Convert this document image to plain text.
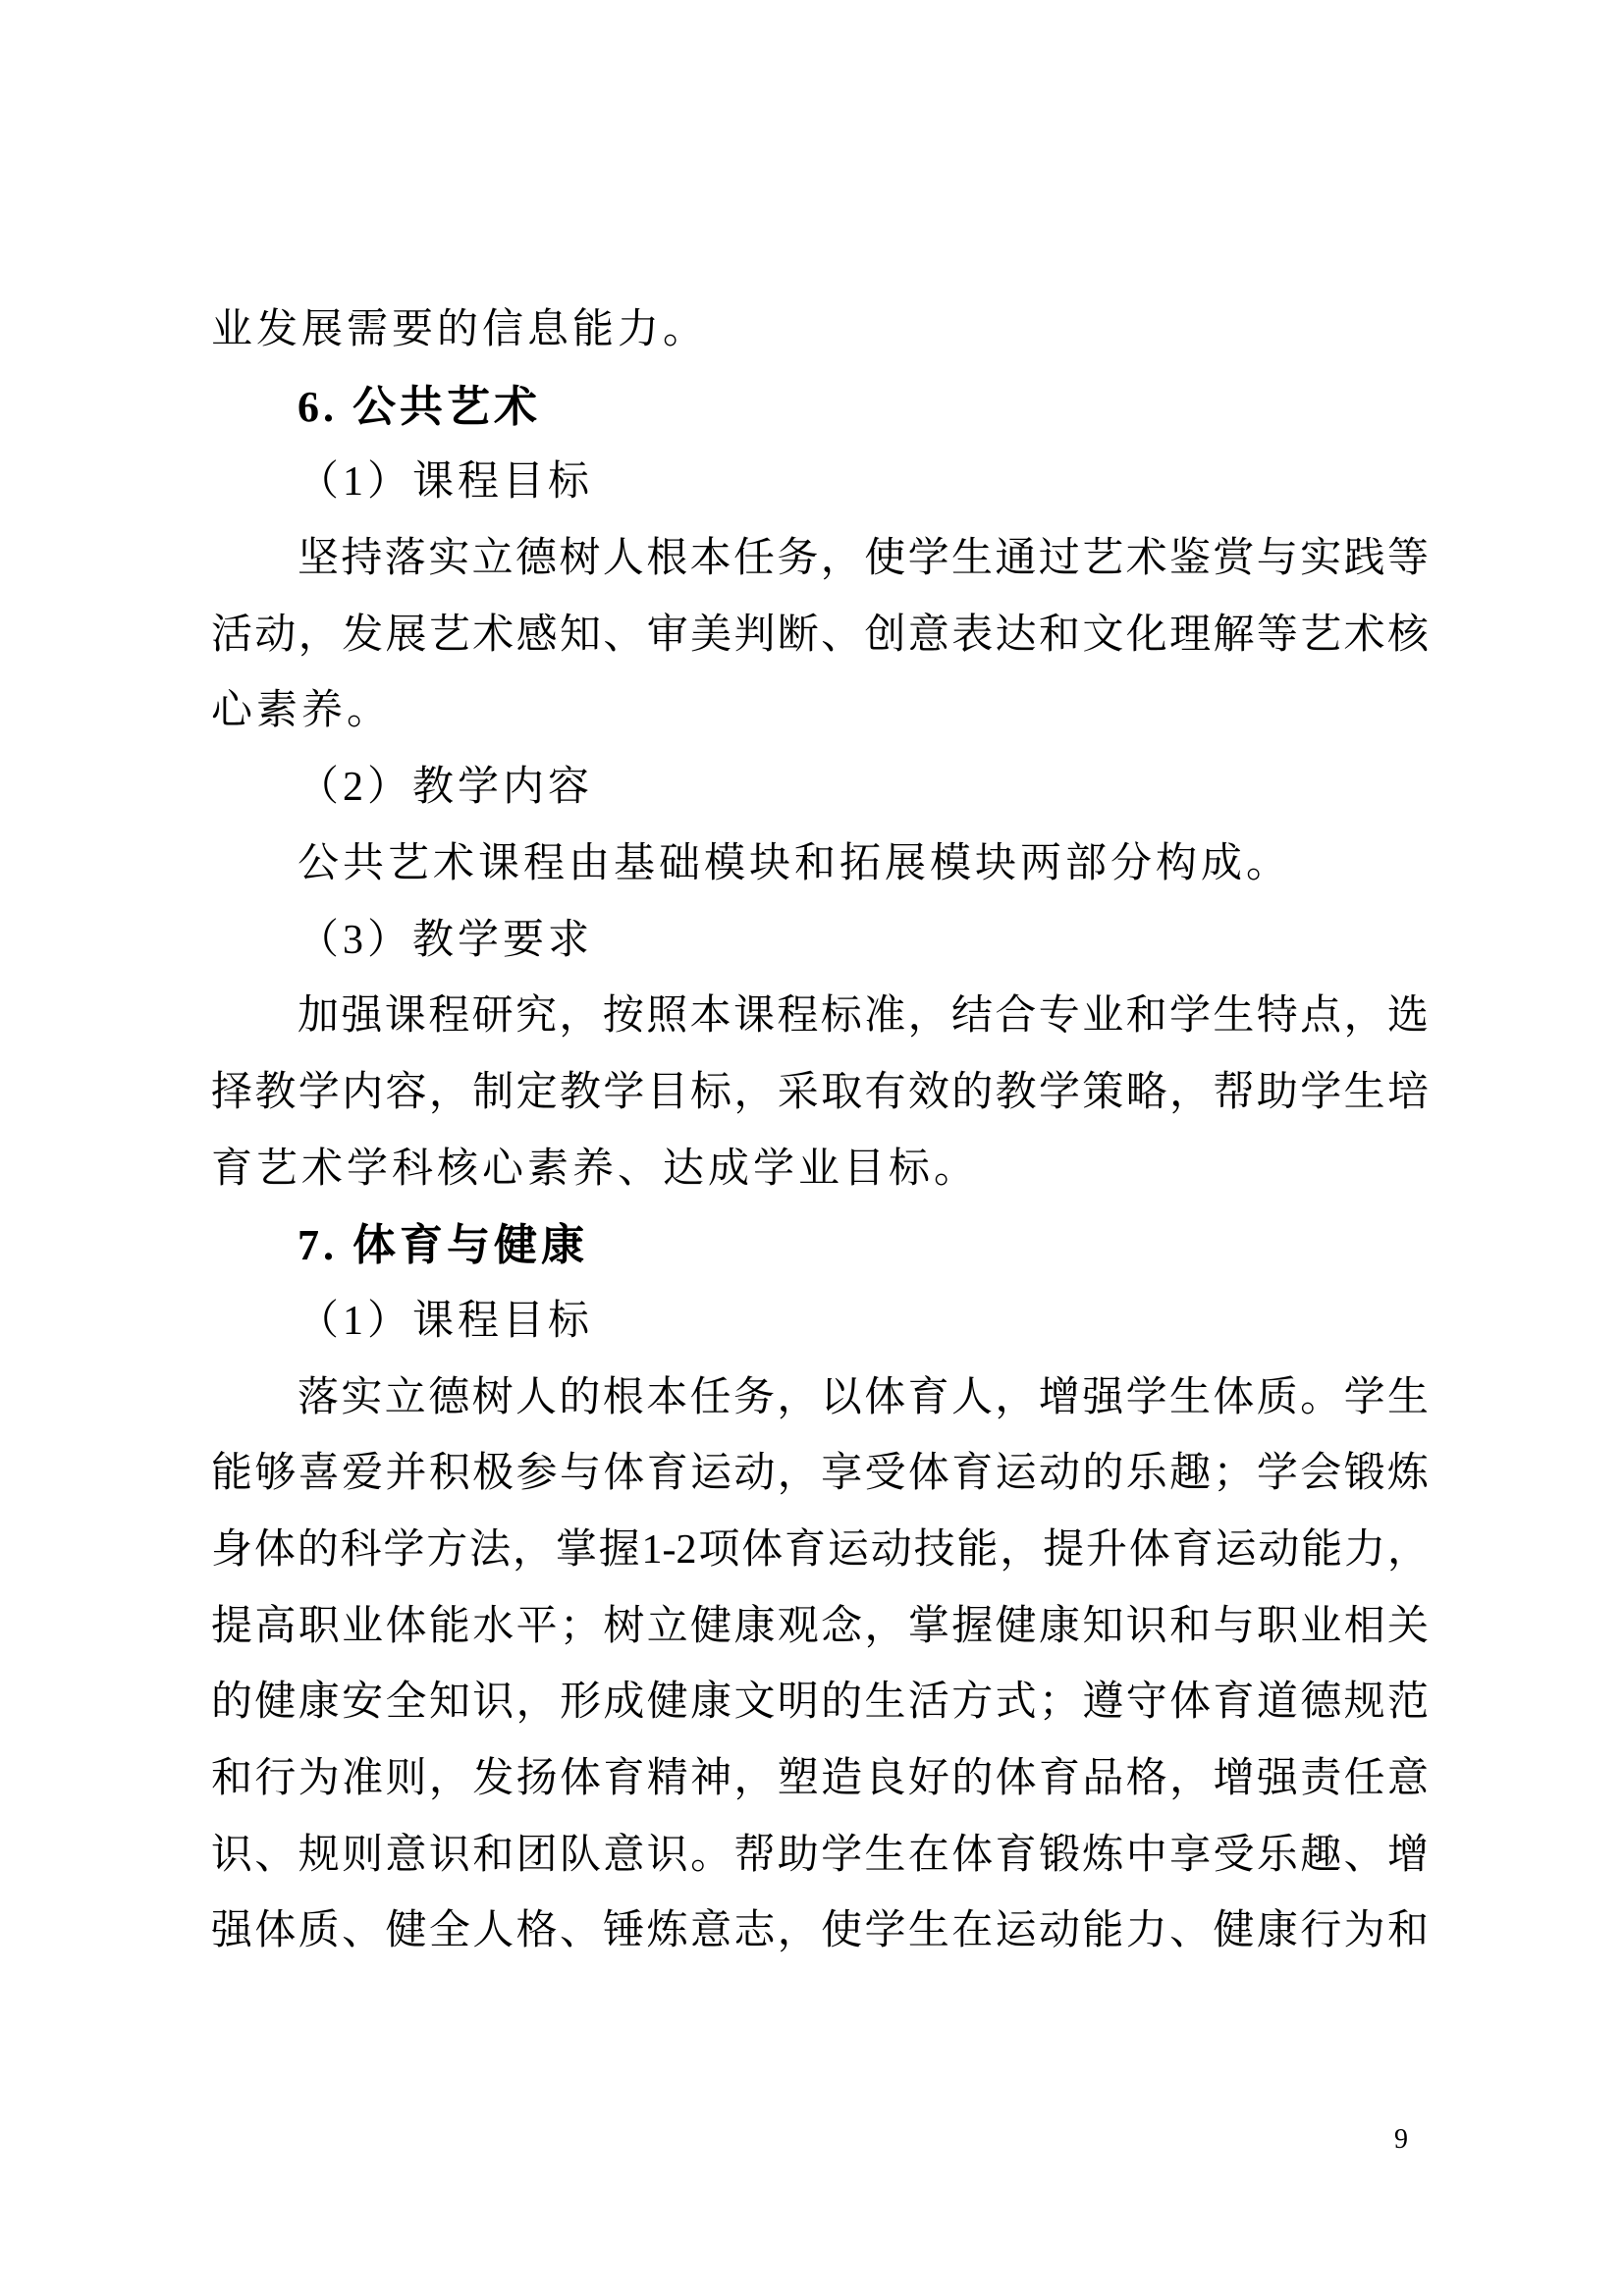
业发展需要的信息能力。
6. 公共艺术
（1）课程目标
坚持落实立德树人根本任务，使学生通过艺术鉴赏与实践等
活动，发展艺术感知、审美判断、创意表达和文化理解等艺术核
心素养。
（2）教学内容
公共艺术课程由基础模块和拓展模块两部分构成。
（3）教学要求
加强课程研究，按照本课程标准，结合专业和学生特点，选
择教学内容，制定教学目标，采取有效的教学策略，帮助学生培
育艺术学科核心素养、达成学业目标。
7. 体育与健康
（1）课程目标
落实立德树人的根本任务，以体育人，增强学生体质。学生
能够喜爱并积极参与体育运动，享受体育运动的乐趣；学会锻炼
身体的科学方法，掌握1-2项体育运动技能，提升体育运动能力，
提高职业体能水平；树立健康观念，掌握健康知识和与职业相关
的健康安全知识，形成健康文明的生活方式；遵守体育道德规范
和行为准则，发扬体育精神，塑造良好的体育品格，增强责任意
识、规则意识和团队意识。帮助学生在体育锻炼中享受乐趣、增
强体质、健全人格、锤炼意志，使学生在运动能力、健康行为和
9
